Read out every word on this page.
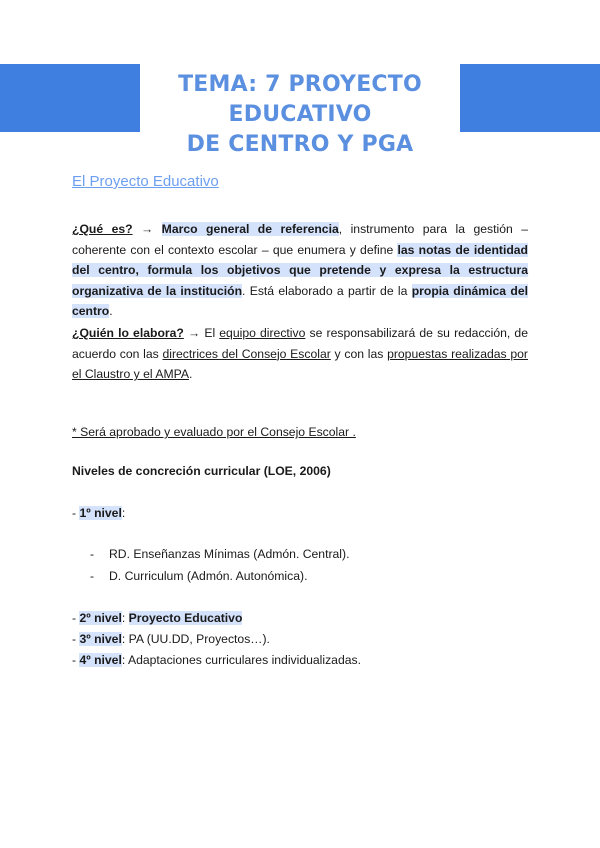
TEMA: 7 PROYECTO EDUCATIVO
DE CENTRO Y PGA
El Proyecto Educativo
¿Qué es? → Marco general de referencia, instrumento para la gestión – coherente con el contexto escolar – que enumera y define las notas de identidad del centro, formula los objetivos que pretende y expresa la estructura organizativa de la institución. Está elaborado a partir de la propia dinámica del centro.
¿Quién lo elabora? → El equipo directivo se responsabilizará de su redacción, de acuerdo con las directrices del Consejo Escolar y con las propuestas realizadas por el Claustro y el AMPA.
* Será aprobado y evaluado por el Consejo Escolar .
Niveles de concreción curricular (LOE, 2006)
- 1º nivel:
- RD. Enseñanzas Mínimas (Admón. Central).
- D. Curriculum (Admón. Autonómica).
- 2º nivel: Proyecto Educativo
- 3º nivel: PA (UU.DD, Proyectos…).
- 4º nivel: Adaptaciones curriculares individualizadas.
